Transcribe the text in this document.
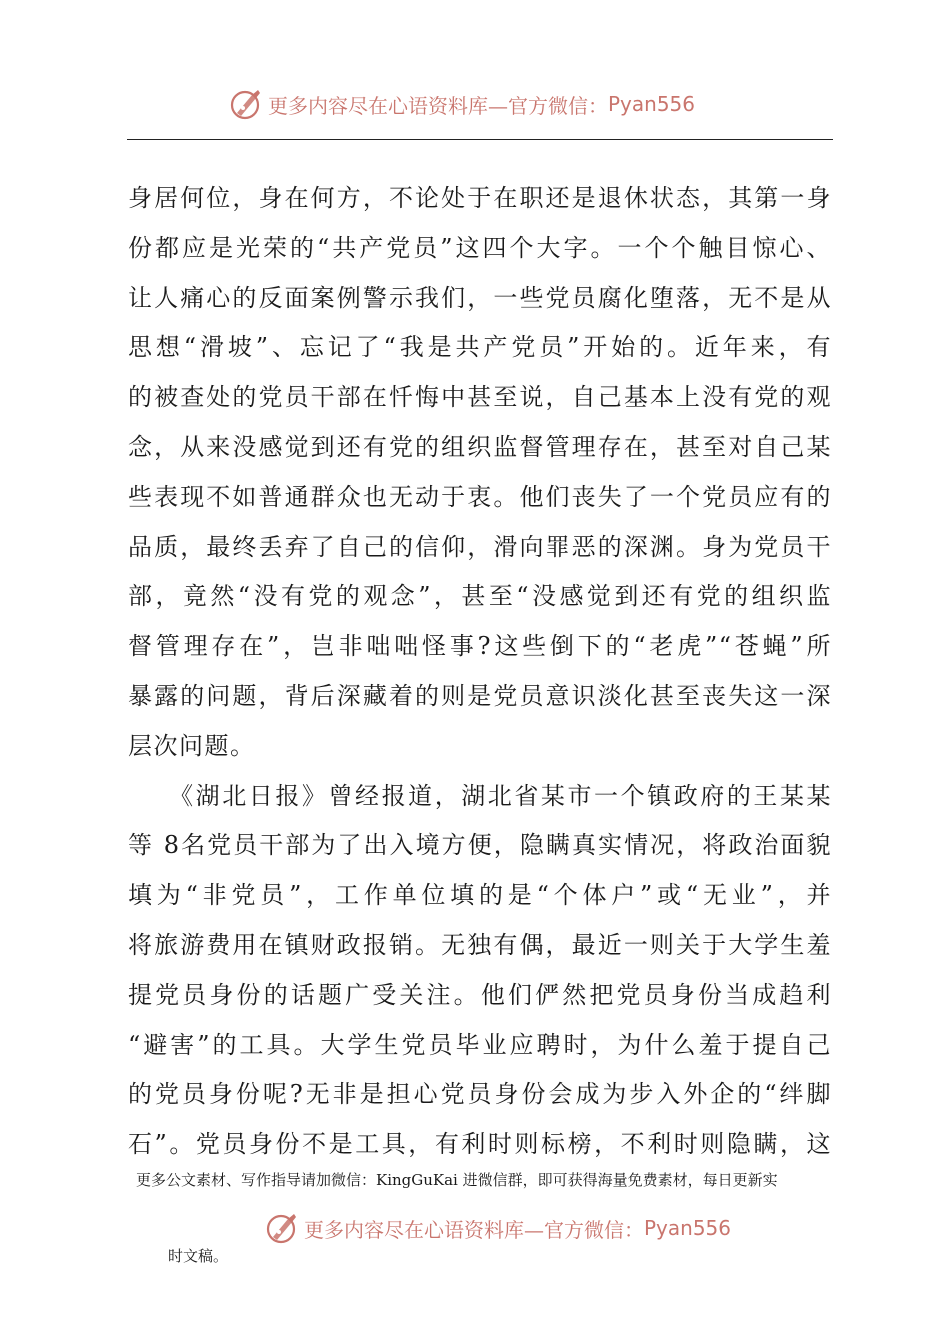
更多内容尽在心语资料库—官方微信： Pyan556
身居何位，身在何方，不论处于在职还是退休状态，其第一身
份都应是光荣的“共产党员”这四个大字。一个个触目惊心、
让人痛心的反面案例警示我们，一些党员腐化堕落，无不是从
思想“滑坡”、忘记了“我是共产党员”开始的。近年来，有
的被查处的党员干部在忏悔中甚至说，自己基本上没有党的观
念，从来没感觉到还有党的组织监督管理存在，甚至对自己某
些表现不如普通群众也无动于衷。他们丧失了一个党员应有的
品质，最终丢弃了自己的信仰，滑向罪恶的深渊。身为党员干
部，竟然“没有党的观念”，甚至“没感觉到还有党的组织监
督管理存在”，岂非咄咄怪事?这些倒下的“老虎”“苍蝇”所
暴露的问题，背后深藏着的则是党员意识淡化甚至丧失这一深
层次问题。
　　《湖北日报》曾经报道，湖北省某市一个镇政府的王某某
等 8名党员干部为了出入境方便，隐瞒真实情况，将政治面貌
填为“非党员”，工作单位填的是“个体户”或“无业”，并
将旅游费用在镇财政报销。无独有偶，最近一则关于大学生羞
提党员身份的话题广受关注。他们俨然把党员身份当成趋利
“避害”的工具。大学生党员毕业应聘时，为什么羞于提自己
的党员身份呢?无非是担心党员身份会成为步入外企的“绊脚
石”。党员身份不是工具，有利时则标榜，不利时则隐瞒，这
更多公文素材、写作指导请加微信：KingGuKai 进微信群，即可获得海量免费素材，每日更新实
更多内容尽在心语资料库—官方微信： Pyan556
时文稿。
